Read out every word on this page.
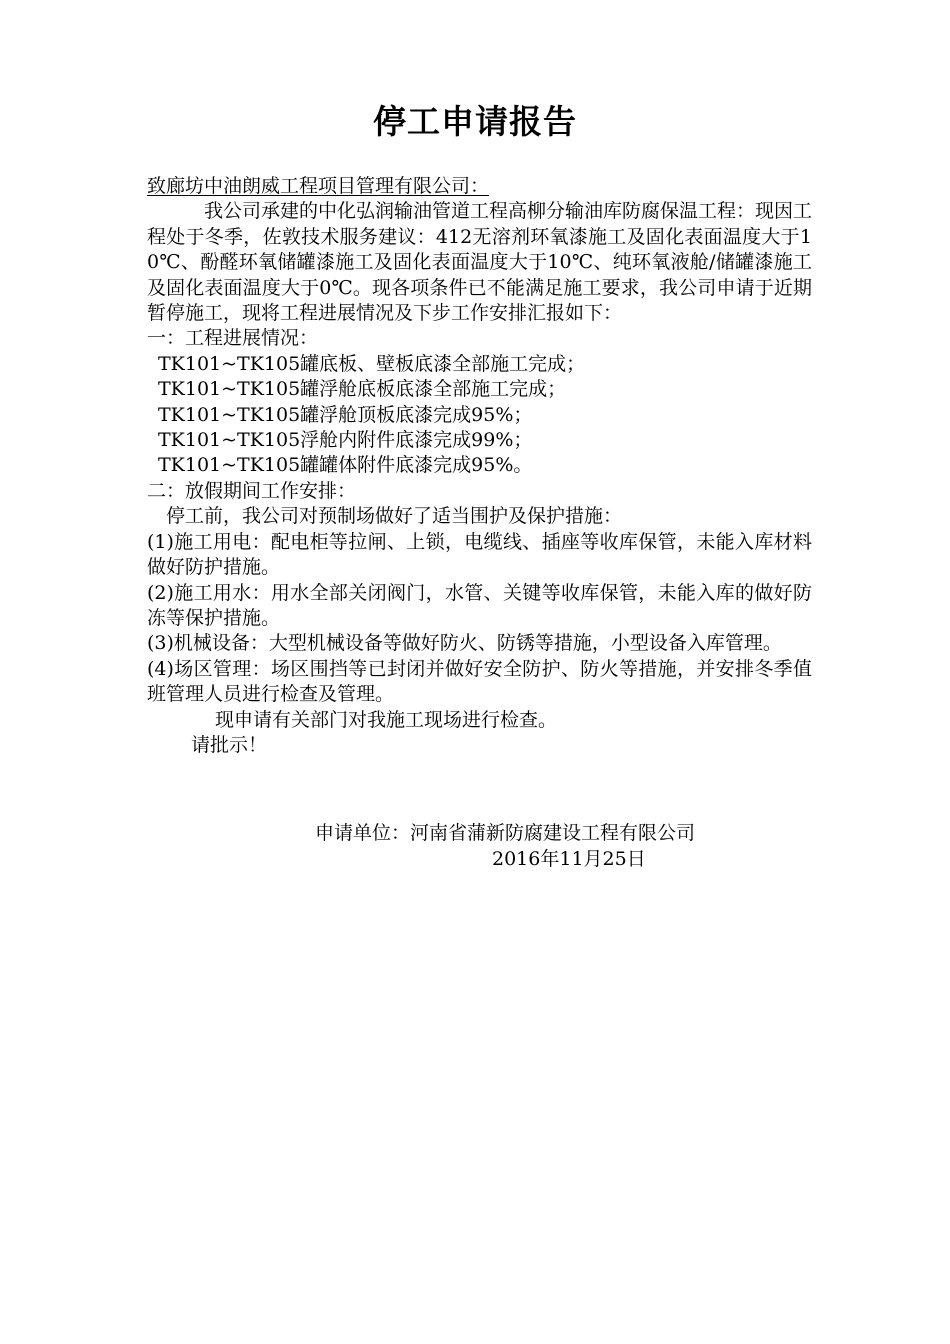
停工申请报告
致廊坊中油朗威工程项目管理有限公司：
我公司承建的中化弘润输油管道工程高柳分输油库防腐保温工程：现因工程处于冬季，佐敦技术服务建议：412无溶剂环氧漆施工及固化表面温度大于10℃、酚醛环氧储罐漆施工及固化表面温度大于10℃、纯环氧液舱/储罐漆施工及固化表面温度大于0℃。现各项条件已不能满足施工要求，我公司申请于近期暂停施工，现将工程进展情况及下步工作安排汇报如下：
一：工程进展情况：
TK101~TK105罐底板、壁板底漆全部施工完成；
TK101~TK105罐浮舱底板底漆全部施工完成；
TK101~TK105罐浮舱顶板底漆完成95%；
TK101~TK105浮舱内附件底漆完成99%；
TK101~TK105罐罐体附件底漆完成95%。
二：放假期间工作安排：
停工前，我公司对预制场做好了适当围护及保护措施：
(1)施工用电：配电柜等拉闸、上锁，电缆线、插座等收库保管，未能入库材料做好防护措施。
(2)施工用水：用水全部关闭阀门，水管、关键等收库保管，未能入库的做好防冻等保护措施。
(3)机械设备：大型机械设备等做好防火、防锈等措施，小型设备入库管理。
(4)场区管理：场区围挡等已封闭并做好安全防护、防火等措施，并安排冬季值班管理人员进行检查及管理。
现申请有关部门对我施工现场进行检查。
请批示！
申请单位：河南省蒲新防腐建设工程有限公司
2016年11月25日
